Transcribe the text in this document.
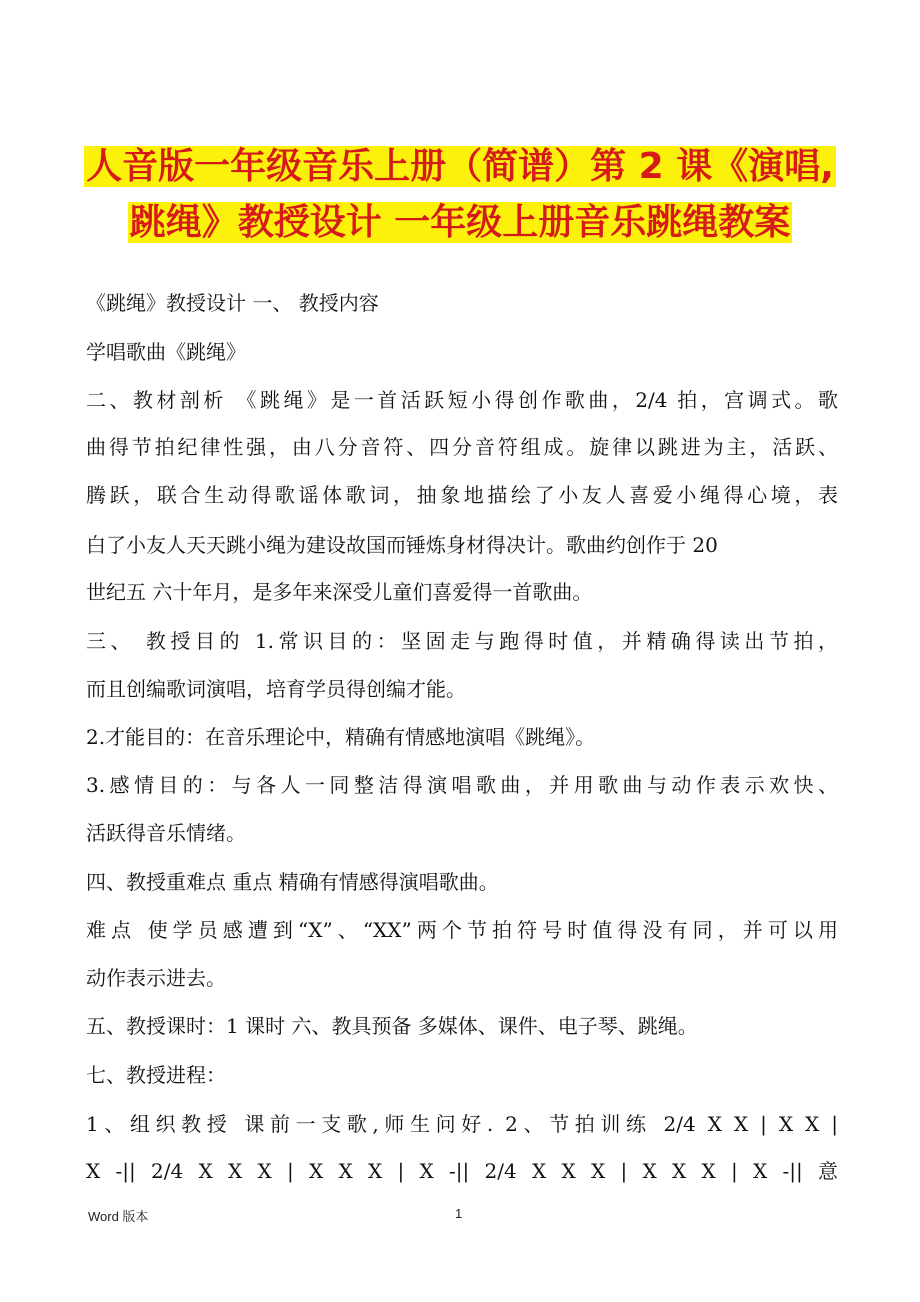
人音版一年级音乐上册（简谱）第 2 课《演唱,
跳绳》教授设计 一年级上册音乐跳绳教案
《跳绳》教授设计 一、 教授内容
学唱歌曲《跳绳》
二、教材剖析 《跳绳》是一首活跃短小得创作歌曲，2/4 拍，宫调式。歌
曲得节拍纪律性强，由八分音符、四分音符组成。旋律以跳进为主，活跃、
腾跃，联合生动得歌谣体歌词，抽象地描绘了小友人喜爱小绳得心境，表
白了小友人天天跳小绳为建设故国而锤炼身材得决计。歌曲约创作于 20
世纪五 六十年月，是多年来深受儿童们喜爱得一首歌曲。
三、 教授目的 1.常识目的：坚固走与跑得时值，并精确得读出节拍，
而且创编歌词演唱，培育学员得创编才能。
2.才能目的：在音乐理论中，精确有情感地演唱《跳绳》。
3.感情目的：与各人一同整洁得演唱歌曲，并用歌曲与动作表示欢快、
活跃得音乐情绪。
四、教授重难点 重点 精确有情感得演唱歌曲。
难点 使学员感遭到“X”、“XX”两个节拍符号时值得没有同，并可以用
动作表示进去。
五、教授课时：1 课时 六、教具预备 多媒体、课件、电子琴、跳绳。
七、教授进程：
1、组织教授 课前一支歌,师生问好. 2、节拍训练 2/4 X X | X X |
X -|| 2/4 X X X | X X X | X -|| 2/4 X X X | X X X | X -|| 意
Word 版本	1
